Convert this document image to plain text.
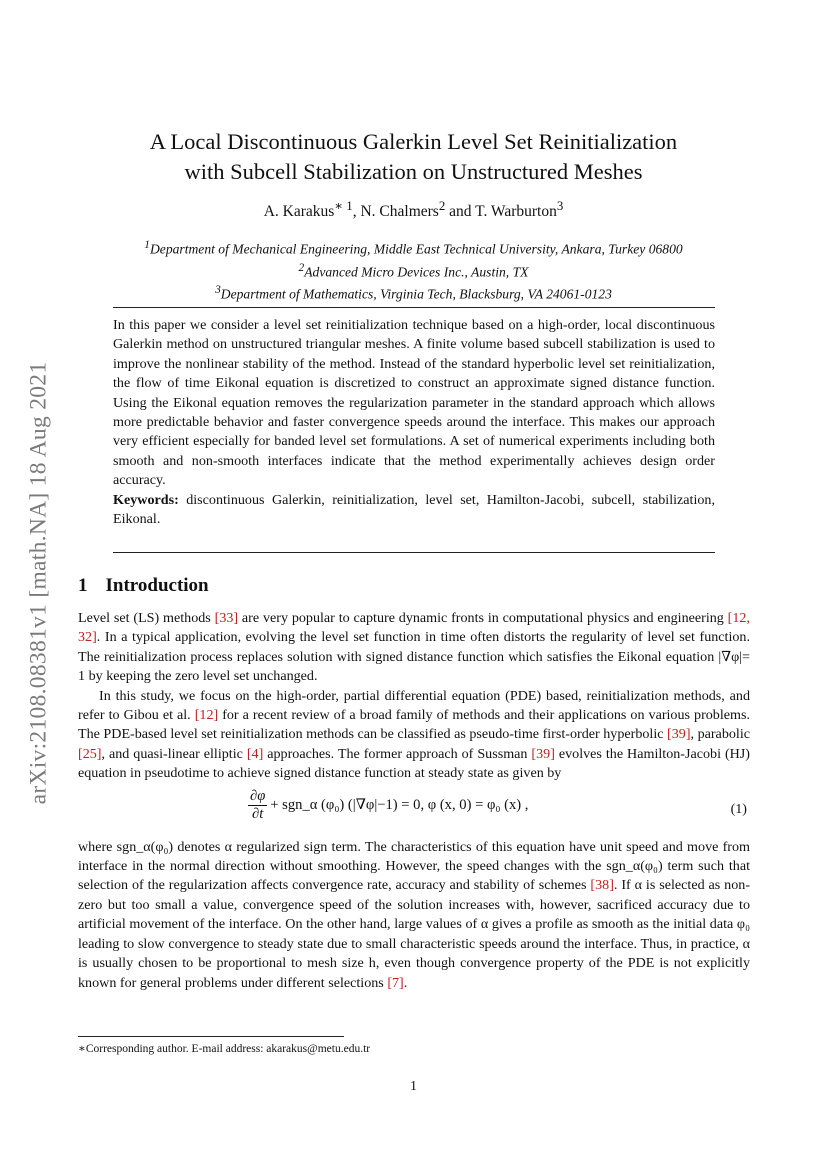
arXiv:2108.08381v1 [math.NA] 18 Aug 2021
A Local Discontinuous Galerkin Level Set Reinitialization
with Subcell Stabilization on Unstructured Meshes
A. Karakus$^{∗ 1}$, N. Chalmers$^2$ and T. Warburton$^3$
$^1$Department of Mechanical Engineering, Middle East Technical University, Ankara, Turkey 06800
$^2$Advanced Micro Devices Inc., Austin, TX
$^3$Department of Mathematics, Virginia Tech, Blacksburg, VA 24061-0123

In this paper we consider a level set reinitialization technique based on a high-order, local discontinuous Galerkin method on unstructured triangular meshes. A finite volume based subcell stabilization is used to improve the nonlinear stability of the method. Instead of the standard hyperbolic level set reinitialization, the flow of time Eikonal equation is discretized to construct an approximate signed distance function. Using the Eikonal equation removes the regularization parameter in the standard approach which allows more predictable behavior and faster convergence speeds around the interface. This makes our approach very efficient especially for banded level set formulations. A set of numerical experiments including both smooth and non-smooth interfaces indicate that the method experimentally achieves design order accuracy.

Keywords: discontinuous Galerkin, reinitialization, level set, Hamilton-Jacobi, subcell, stabilization, Eikonal.

1 Introduction

Level set (LS) methods [33] are very popular to capture dynamic fronts in computational physics and engineering [12, 32]. In a typical application, evolving the level set function in time often distorts the regularity of level set function. The reinitialization process replaces solution with signed distance function which satisfies the Eikonal equation |∇φ|= 1 by keeping the zero level set unchanged.

In this study, we focus on the high-order, partial differential equation (PDE) based, reinitialization methods, and refer to Gibou et al. [12] for a recent review of a broad family of methods and their applications on various problems. The PDE-based level set reinitialization methods can be classified as pseudo-time first-order hyperbolic [39], parabolic [25], and quasi-linear elliptic [4] approaches. The former approach of Sussman [39] evolves the Hamilton-Jacobi (HJ) equation in pseudotime to achieve signed distance function at steady state as given by

$\frac{\partial\varphi}{\partial t}$ + sgn_α (φ₀) (|∇φ|−1) = 0, φ (x, 0) = φ₀ (x) ,	(1)

where sgn_α(φ₀) denotes α regularized sign term. The characteristics of this equation have unit speed and move from interface in the normal direction without smoothing. However, the speed changes with the sgn_α(φ₀) term such that selection of the regularization affects convergence rate, accuracy and stability of schemes [38]. If α is selected as non-zero but too small a value, convergence speed of the solution increases with, however, sacrificed accuracy due to artificial movement of the interface. On the other hand, large values of α gives a profile as smooth as the initial data φ₀ leading to slow convergence to steady state due to small characteristic speeds around the interface. Thus, in practice, α is usually chosen to be proportional to mesh size h, even though convergence property of the PDE is not explicitly known for general problems under different selections [7].

∗Corresponding author. E-mail address: akarakus@metu.edu.tr
1
